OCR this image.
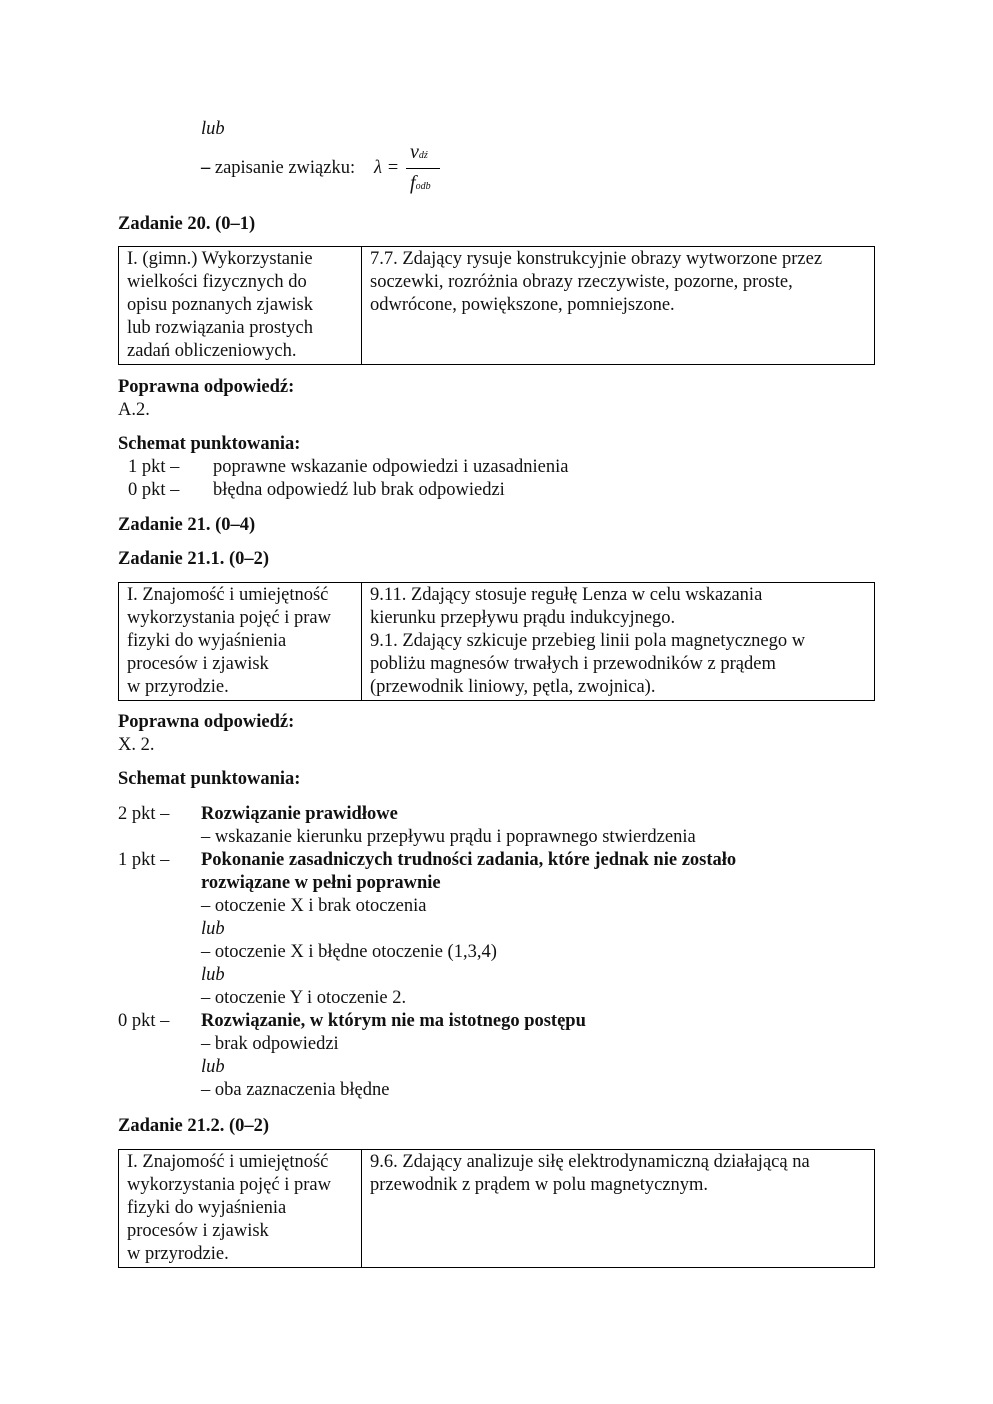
lub
– zapisanie związku: λ =
vdź
fodb
Zadanie 20. (0–1)
I. (gimn.) Wykorzystanie
wielkości fizycznych do
opisu poznanych zjawisk
lub rozwiązania prostych
zadań obliczeniowych.

7.7. Zdający rysuje konstrukcyjnie obrazy wytworzone przez
soczewki, rozróżnia obrazy rzeczywiste, pozorne, proste,
odwrócone, powiększone, pomniejszone.
Poprawna odpowiedź:
A.2.
Schemat punktowania:
1 pkt – poprawne wskazanie odpowiedzi i uzasadnienia
0 pkt – błędna odpowiedź lub brak odpowiedzi
Zadanie 21. (0–4)
Zadanie 21.1. (0–2)
I. Znajomość i umiejętność
wykorzystania pojęć i praw
fizyki do wyjaśnienia
procesów i zjawisk
w przyrodzie.

9.11. Zdający stosuje regułę Lenza w celu wskazania
kierunku przepływu prądu indukcyjnego.
9.1. Zdający szkicuje przebieg linii pola magnetycznego w
pobliżu magnesów trwałych i przewodników z prądem
(przewodnik liniowy, pętla, zwojnica).
Poprawna odpowiedź:
X. 2.
Schemat punktowania:
2 pkt – Rozwiązanie prawidłowe
– wskazanie kierunku przepływu prądu i poprawnego stwierdzenia
1 pkt – Pokonanie zasadniczych trudności zadania, które jednak nie zostało
rozwiązane w pełni poprawnie
– otoczenie X i brak otoczenia
lub
– otoczenie X i błędne otoczenie (1,3,4)
lub
– otoczenie Y i otoczenie 2.
0 pkt – Rozwiązanie, w którym nie ma istotnego postępu
– brak odpowiedzi
lub
– oba zaznaczenia błędne
Zadanie 21.2. (0–2)
I. Znajomość i umiejętność
wykorzystania pojęć i praw
fizyki do wyjaśnienia
procesów i zjawisk
w przyrodzie.

9.6. Zdający analizuje siłę elektrodynamiczną działającą na
przewodnik z prądem w polu magnetycznym.
